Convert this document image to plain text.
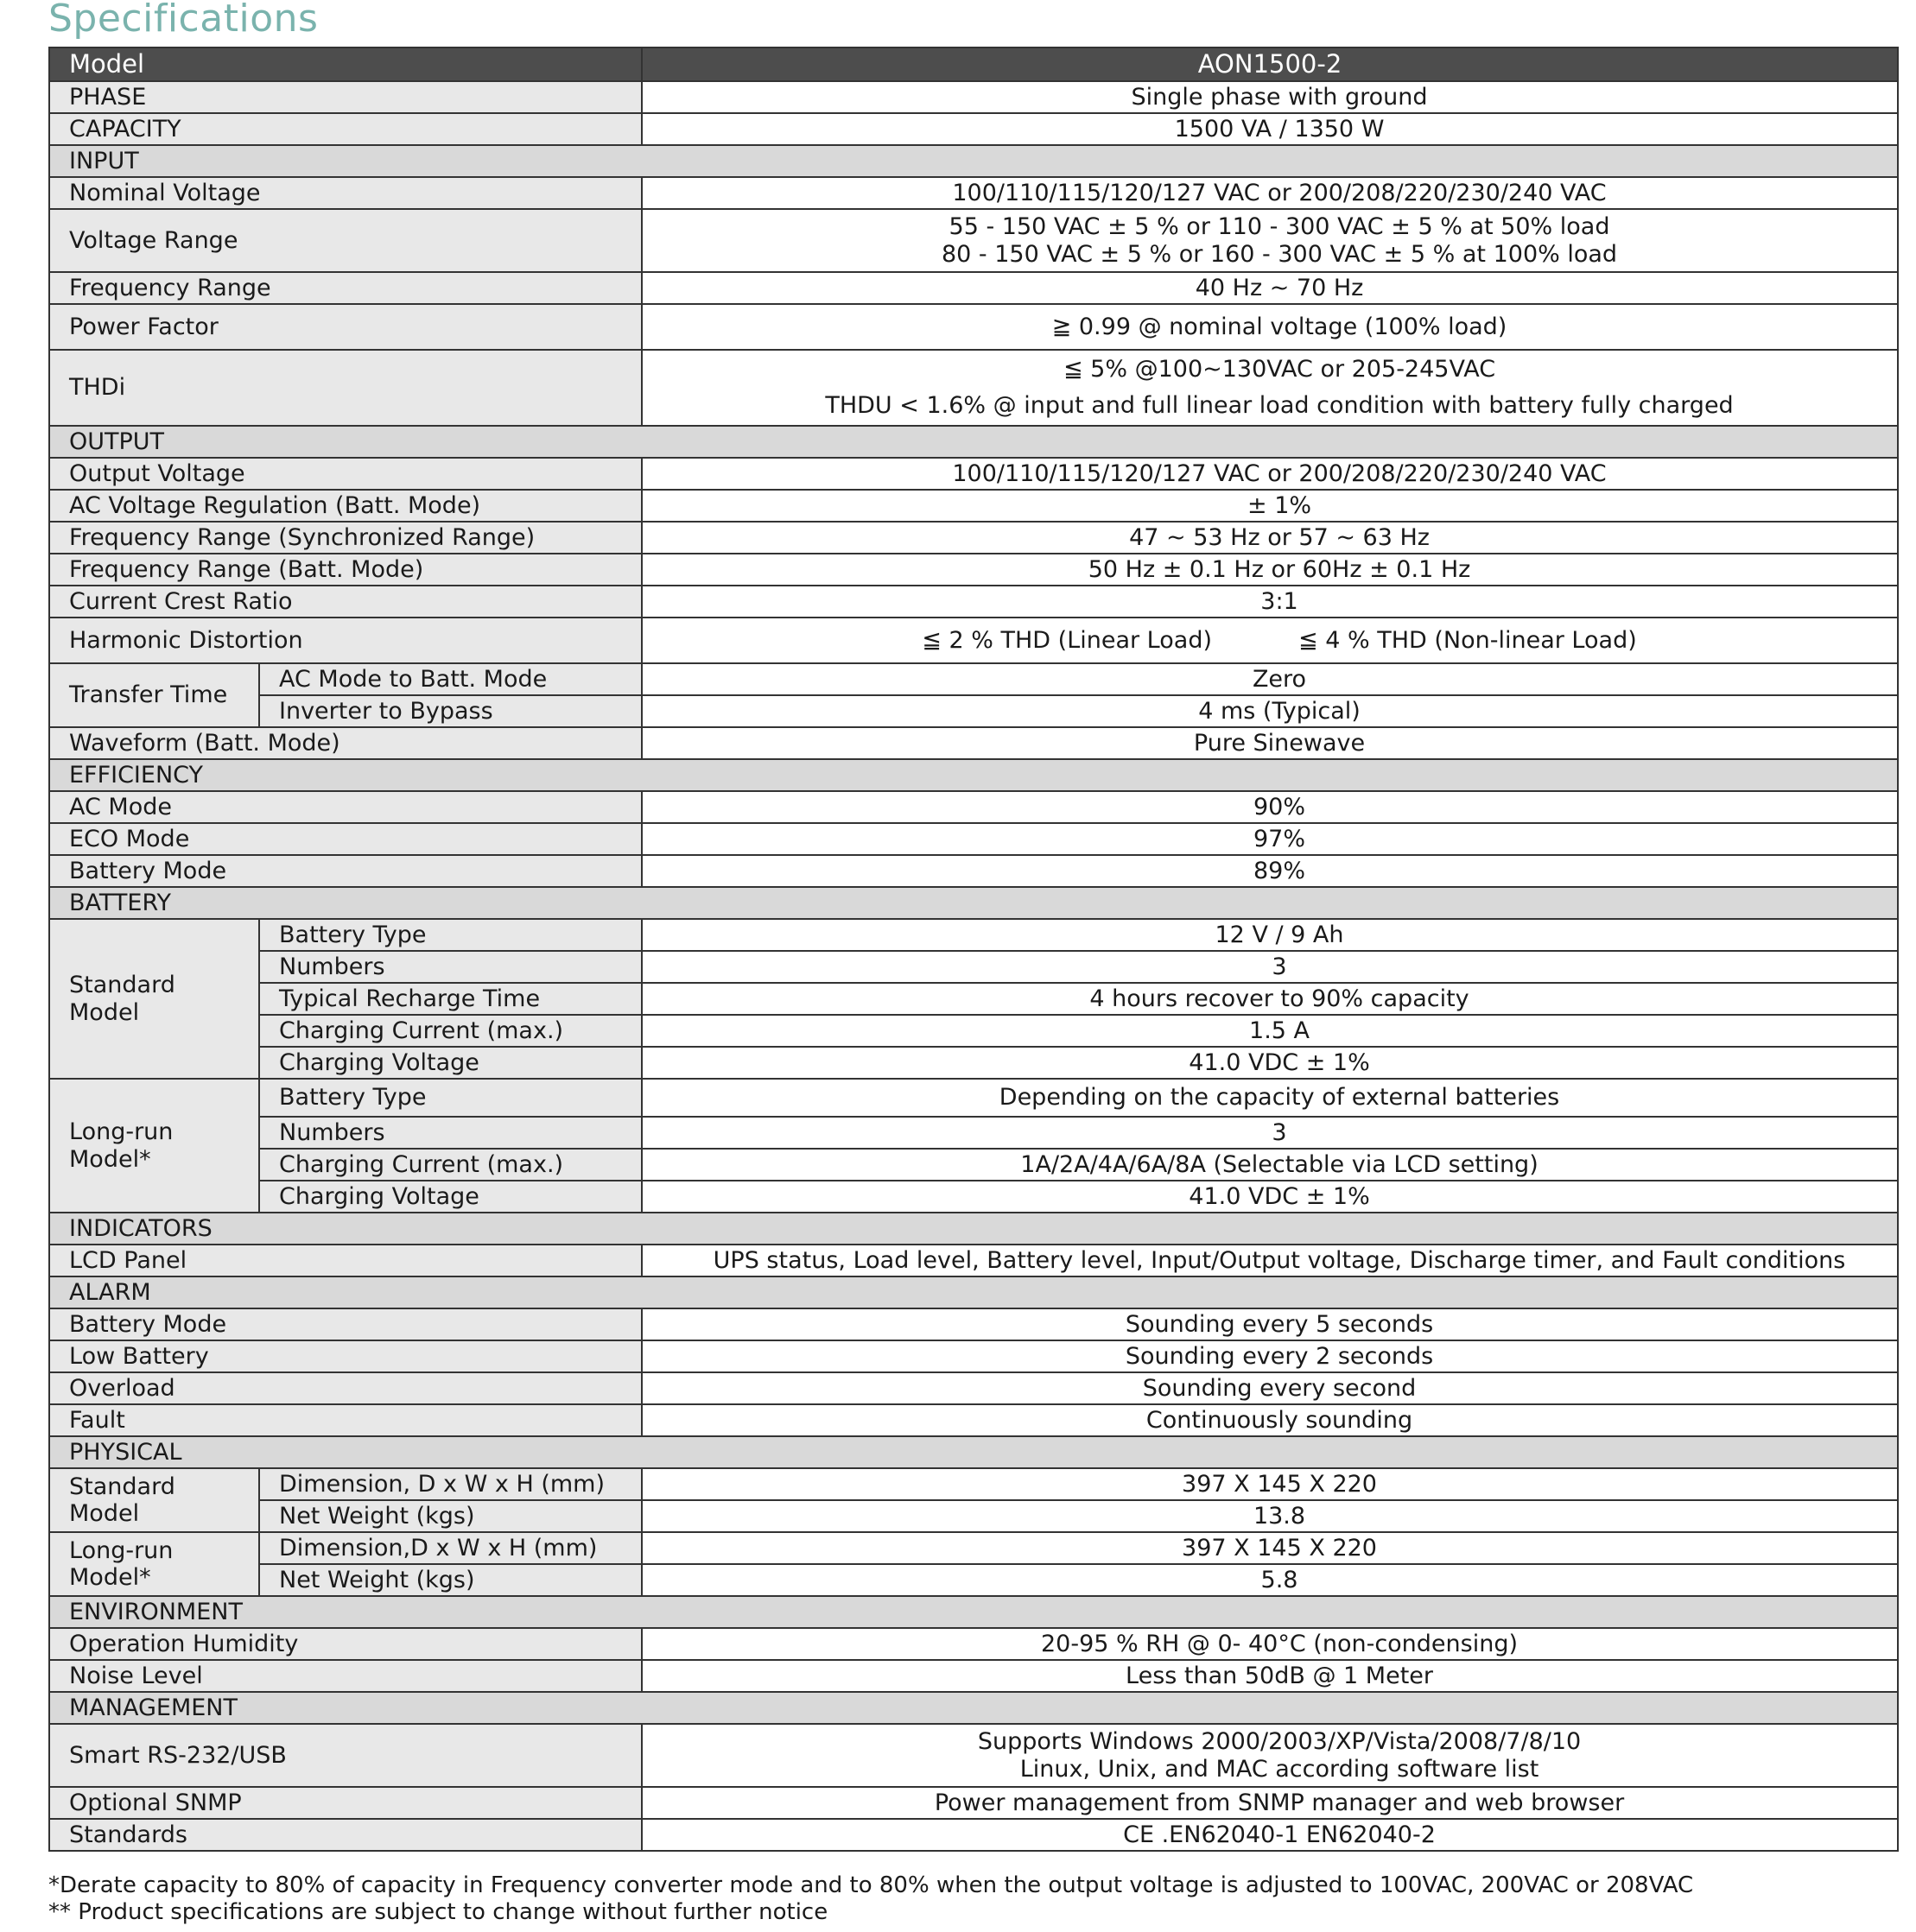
Specifications
Model		AON1500-2
PHASE		Single phase with ground
CAPACITY		1500 VA / 1350 W
INPUT		
Nominal Voltage		100/110/115/120/127 VAC or 200/208/220/230/240 VAC
Voltage Range		55 - 150 VAC ± 5 % or 110 - 300 VAC ± 5 % at 50% load
80 - 150 VAC ± 5 % or 160 - 300 VAC ± 5 % at 100% load

Frequency Range		40 Hz ~ 70 Hz
Power Factor		≧ 0.99 @ nominal voltage (100% load)
THDi		≦ 5% @100~130VAC or 205-245VAC
THDU < 1.6% @ input and full linear load condition with battery fully charged

OUTPUT		
Output Voltage		100/110/115/120/127 VAC or 200/208/220/230/240 VAC
AC Voltage Regulation (Batt. Mode)		± 1%
Frequency Range (Synchronized Range)		47 ~ 53 Hz or 57 ~ 63 Hz
Frequency Range (Batt. Mode)		50 Hz ± 0.1 Hz or 60Hz ± 0.1 Hz
Current Crest Ratio		3:1
Harmonic Distortion		≦ 2 % THD (Linear Load) ≦ 4 % THD (Non-linear Load)
Transfer Time	AC Mode to Batt. Mode	Zero
	Inverter to Bypass	4 ms (Typical)
Waveform (Batt. Mode)		Pure Sinewave
EFFICIENCY		
AC Mode		90%
ECO Mode		97%
Battery Mode		89%
BATTERY		

Standard
Model	Battery Type	12 V / 9 Ah
	Numbers	3
	Typical Recharge Time	4 hours recover to 90% capacity
	Charging Current (max.)	1.5 A
	Charging Voltage	41.0 VDC ± 1%

Long-run
Model*	Battery Type	Depending on the capacity of external batteries
	Numbers	3
	Charging Current (max.)	1A/2A/4A/6A/8A (Selectable via LCD setting)
	Charging Voltage	41.0 VDC ± 1%
INDICATORS		
LCD Panel		UPS status, Load level, Battery level, Input/Output voltage, Discharge timer, and Fault conditions
ALARM		
Battery Mode		Sounding every 5 seconds
Low Battery		Sounding every 2 seconds
Overload		Sounding every second
Fault		Continuously sounding
PHYSICAL		

Standard
Model	Dimension, D x W x H (mm)	397 X 145 X 220
	Net Weight (kgs)	13.8

Long-run
Model*	Dimension,D x W x H (mm)	397 X 145 X 220
	Net Weight (kgs)	5.8
ENVIRONMENT		
Operation Humidity		20-95 % RH @ 0- 40°C (non-condensing)
Noise Level		Less than 50dB @ 1 Meter
MANAGEMENT		
Smart RS-232/USB		Supports Windows 2000/2003/XP/Vista/2008/7/8/10
Linux, Unix, and MAC according software list

Optional SNMP		Power management from SNMP manager and web browser
Standards		CE .EN62040-1 EN62040-2
*Derate capacity to 80% of capacity in Frequency converter mode and to 80% when the output voltage is adjusted to 100VAC, 200VAC or 208VAC
** Product specifications are subject to change without further notice
